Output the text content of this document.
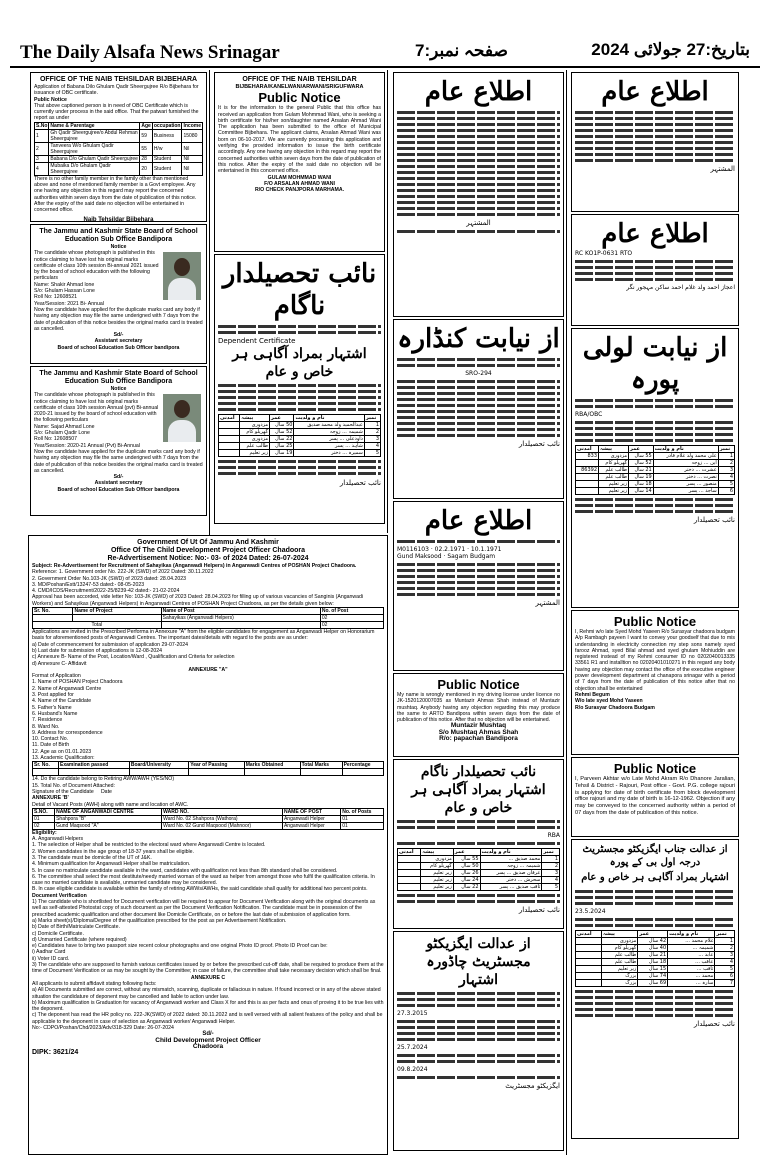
The Daily Alsafa News Srinagar	صفحہ نمبر:7	بتاریخ:27 جولائی 2024
OFFICE OF THE NAIB TEHSILDAR BIJBEHARA

Application of Babana Dilo Ghulam Qadir Sheergujree R/o Bijbehara for issuance of OBC certificate.

Public Notice

That above captioned person is in need of OBC Certificate which is currently under process in the said office. That the patwari furnished the report as under

S.No	Name & Parentage	Age	occupation	Income
1	Gh Qadir Sheergujree/o Abdul Rehman Sheergujree	59	Business	15080
2	Tanveera W/o Ghulam Qadir Sheergujree	55	H/w	Nil
3	Babana D/o Ghulam Qadir Sheergujree	28	Student	Nil
4	Mubaika D/o Ghulam Qadir Sheergujree	20	Student	Nil

There is no other family member in the family other than mentioned above and none of mentioned family member is a Govt employee. Any one having any objection in this regard may report the concerned authorities within seven days from the date of publication of this notice. After the expiry of the said date no objection will be entertained in concerned office.

Naib Tehsildar Bijbehara

The Jammu and Kashmir State Board of School Education Sub Office Bandipora
Notice

The candidate whose photograph is published in this notice claiming to have lost his original marks certificate of class 10th session Bi-annual 2021 issued by the board of school education with the following perticulars

Name: Shakir Ahmad lone

S/o: Ghulam Hassan Lone

Roll No: 12608521

Year/Session: 2021 Bi- Annual

Now the candidate have applied for the duplicate marks card any body if having any objection may file the same underigned with 7 days from the date of publication of this notice besides the original marks card is treated as cancelled.

Sd/-

Assistant secretary

Board of school Education Sub Officer bandipora

The Jammu and Kashmir State Board of School Education Sub Office Bandipora
Notice

The candidate whose photograph is published in this notice claiming to have lost his original marks certificate of class 10th session Annual (pvt) Bi-annual 2020-21 issued by the board of school education with the following perticulars

Name: Sajad Ahmad Lone

S/o: Ghulam Qadir Lone

Roll No: 12608507

Year/Session: 2020-21 Annual (Pvt) Bi-Annual

Now the candidate have applied for the duplicate marks card any body if having any objection may file the same underigned with 7 days from the date of publication of this notice besides the original marks card is treated as cancelled.

Sd/-

Assistant secretary

Board of school Education Sub Officer bandipora

OFFICE OF THE NAIB TEHSILDAR
BIJBEHARA/KANELWAN/ARWANI/SRIGUFWARA
Public Notice

It is for the information to the general Public that this office has received an application from Gulam Mohmmad Wani, who is seeking a birth certificate for his/her son/daughter named Arsalan Ahmad Wani The application has been submitted to the office of Municipal Committee Bijbehara. The applicant claims, Arsalan Ahmad Wani was born on 06-10-2017. We are currently processing this application and verifying the provided information to issue the birth certificate accordingly. Any one having any objection in this regard may report the concerned authorities within seven days from the date of publication of this notice. After the expiry of the said date no objection will be entertained in this concerned office.

GULAM MOHMMAD WANI

F/O ARSALAN AHMAD WANI

R/O CHECK PANJPORA MARHAMA.

نائب تحصیلدار ناگام
Dependent Certificate
اشتہار بمراد آگاہی ہر خاص و عام
نمبر	نام و ولدیت	عمر	پیشہ	آمدنی
1	عبدالحمید ولد محمد صدیق	50 سال	مزدوری	
2	شمیمہ ... زوجہ	52 سال	گھریلو کام	
3	داودعلی ... پسر	22 سال	مزدوری	
4	شاہد ... پسر	25 سال	طالب علم	
5	سمیرہ ... دختر	19 سال	زیر تعلیم	
نائب تحصیلدار
Government Of Ut Of Jammu And Kashmir
Office Of The Child Development Project Officer Chadoora
Re-Advertisement Notice: No:- 03- of 2024 Dated: 26-07-2024

Subject: Re-Advertisement for Recruitment of Sahayikas (Anganwadi Helpers) in Anganwadi Centres of POSHAN Project Chadoora.

Reference: 1. Government order No. 222-JK (SWD) of 2022 Dated: 30.11.2022

2. Government Order No.103-JK (SWD) of 2023 dated: 28.04.2023

3. MD/Poshan/Estt/13247-53 dated:- 08-05-2023

4. CMD/ICDS/Recruitment/2022-25/8239-42 dated:- 21-02-2024

Approval has been accorded, vide letter No: 103-JK (SWD) of 2023 Dated: 28.04.2023 for filling up of various vacancies of Sanginis (Anganwadi Workers) and Sahayikas (Anganwadi Helpers) in Anganwadi Centres of POSHAN Project Chadoora, as per the details given below:

Sr. No.	Name of Project	Name of Post	No. of Post
		Sahayikas (Anganwadi Helpers)	02
Total			02

Applications are invited in the Prescribed Performa in Annexure "A" from the eligible candidates for engagement as Anganwadi Helper on Honorarium basis for aforementioned posts of Anganwadi Centres. The important dates/details with regard to the posts are as under:

a) Date of commencement for submission of application 29-07-2024

b) Last date for submission of applications is 12-08-2024

c) Annexure B- Name of the Post, Location/Ward , Qualification and Criteria for selection

d) Annexure C- Affidavit

ANNEXURE "A"

Format of Application

1. Name of POSHAN Project Chadoora

2. Name of Anganwadi Centre

3. Post applied for

4. Name of the Candidate

5. Father's Name

6. Husband's Name

7. Residence

8. Ward No.

9. Address for correspondence

10. Contact No.

11. Date of Birth

12. Age as on 01.01.2023

13. Academic Qualification:

Sr. No.	Examination passed	Board/University	Year of Passing	Marks Obtained	Total Marks	Percentage

14. Do the candidate belong to Retiring AWW/AWH (YES/NO)

15. Total No. of Document Attached:

Signature of the Candidate Date

ANNEXURE 'B'

Detail of Vacant Posts (AWH) along with name and location of AWC.

S.NO.	NAME OF ANGANWADI CENTRE	WARD NO.	NAME OF POST	No. of Posts
01	Shahpora "B"	Ward No. 02 Shahpora (Wathora)	Anganwadi Helper	01
02	Gund Maqsood "A"	Ward No. 02 Gund Maqsood (Mahnoor)	Anganwadi Helper	01

Eligibility:

A. Anganwadi Helpers

1. The selection of Helper shall be restricted to the electoral ward where Anganwadi Centre is located.

2. Women candidates in the age group of 18-37 years shall be eligible.

3. The candidate must be domicile of the UT of J&K.

4. Minimum qualification for Anganwadi Helper shall be matriculation.

5. In case no matriculate candidate available in the ward, candidates with qualification not less than 8th standard shall be considered.

6. The committee shall select the most destitute/needy married woman of the ward as helper from amongst those who fulfil the qualification criteria. In case no married candidate is available, unmarried candidate may be considered.

B. In case eligible candidate is available within the family of retiring AWWs/AWHs, the said candidate shall qualify for additional two percent points.

Document Verification

1) The candidate who is shortlisted for Document verification will be required to appear for Document Verification along with the original documents as well as self-attested Photostat copy of such document as per the Document Verification Notification. The candidate must be in possession of the prescribed academic qualification and other document like Domicile Certificate, on or before the last date of submission of application form.

a) Marks sheet(s)/Diploma/Degree of the qualification prescribed for the post as per Advertisement Notification.

b) Date of Birth/Matriculate Certificate.

c) Domicile Certificate.

d) Unmarried Certificate (where required)

e) Candidates have to bring two passport size recent colour photographs and one original Photo ID proof. Photo ID Proof can be:

i) Aadhar Card

ii) Voter ID card.

3) The candidate who are supposed to furnish various certificates issued by or before the prescribed cut-off date, shall be required to produce them at the time of Document Verification or as may be sought by the Committee; in case of failure, the committee shall take necessary decision which shall be final.

ANNEXURE C

All applicants to submit affidavit stating following facts:

a) All Documents submitted are correct, without any mismatch, scanning, duplicate or fallacious in nature. If found incorrect or in any of the above stated situation the candidature of deponent may be cancelled and liable to action under law.

b) Maximum qualification is Graduation for vacancy of Anganwadi worker and Class X for and this is as per facts and onus of proving it to be true lies with the deponent.

c) The deponent has read the HR policy no. 222-JK(SWD) of 2022 dated: 30.11.2022 and is well versed with all salient features of the policy and shall be applicable to the deponent in case of selection as Anganwadi worker/ Anganwadi Helper.

No:- CDPO/Poshan/Chd/2023/Adv/318-329 Date: 26-07-2024

Sd/-

Child Development Project Officer

Chadoora

DIPK: 3621/24

اطلاع عام
المشتہر
از نیابت کنڈارہ
SRO-294
نائب تحصیلدار
اطلاع عام
M0116103 · 02.2.1971 · 10.1.1971
Gund Maksood · Sagam Budgam
المشتہر
Public Notice

My name is wrongly mentioned in my driving license under licence no JK-1520120007035 as Muntazir Ahmas Shah instead of Muntazir mushtaq. Anybody having any objection regarding this may produce the same to ARTO Bandipora within seven days from the date of publication of this notice. After that no objection will be entertained.

Muntazir Mushtaq

S/o Mushtaq Ahmas Shah

R/o: papachan Bandipora

نائب تحصیلدار ناگام
اشتہار بمراد آگاہی ہر خاص و عام
RBA
نمبر	نام و ولدیت	عمر	پیشہ	آمدنی
1	محمد صدیق ...	55 سال	مزدوری	
2	شمیمہ ... زوجہ	50 سال	گھریلو کام	
3	عرفان صدیق ... پسر	26 سال	زیر تعلیم	
4	سحرش ... دختر	24 سال	زیر تعلیم	
5	ثاقب صدیق ... پسر	22 سال	زیر تعلیم	
نائب تحصیلدار
از عدالت ایگزیکٹو مجسٹریٹ چاڈورہ
اشتہار
27.3.2015
25.7.2024
09.8.2024
ایگزیکٹو مجسٹریٹ
اطلاع عام
المشتہر
اطلاع عام
RC KO1P-0631 RTO
اعجاز احمد ولد غلام احمد ساکن مہجور نگر
از نیابت لولی پورہ
RBA/OBC
نمبر	نام و ولدیت	عمر	پیشہ	آمدنی
1	علی محمد ولد غلام قادر	55 سال	مزدوری	833
2	ایں ... زوجہ	52 سال	گھریلو کام	
3	عشرت ... دختر	21 سال	طالب علم	86392
4	نصرت ... دختر	19 سال	طالب علم	
5	منصور ... پسر	18 سال	زیر تعلیم	
6	ساجد ... پسر	14 سال	زیر تعلیم	
نائب تحصیلدار
Public Notice

I, Rehmi w/o late Syed Mohd Yaseen R/o Surasyar chadoora budgam A/p Rambagh payeen I want to convey your goodself that due to mis understanding in electricity connection my step sons namely syed farooz Ahmad, syed Bilal ahmad and syed ghulam Mohiuddin are registered instead of my Rehmi consumer ID no 0202040013335 33561 R1 and installtion no 02020401010271 in this regard any body having any objection may contact the office of the executive engineer power development department at chanapora srinagar with a period of 7 days from the date of publication of this notice after that no objection shall be entertained

Rehmi Begum

W/o late syed Mohd Yaseen

R/o Surasyar Chadoora Budgam

Public Notice

I, Parveen Akhtar w/o Late Mohd Akram R/o Dhanore Jaralian, Tehsil & District - Rajouri, Post office - Govt. P.G. college rajouri is applying for date of birth certificate from block development office rajouri and my date of birth is 16-12-1962. Objection if any may be conveyed to the concerned authority within a period of 07 days from the date of publication of this notice.

از عدالت جناب ایگزیکٹو مجسٹریٹ درجہ اول بی کے پورہ
اشتہار بمراد آگاہی ہر خاص و عام
23.5.2024
نمبر	نام و ولدیت	عمر	پیشہ	آمدنی
1	غلام محمد ...	42 سال	مزدوری	
2	شمیمہ ...	40 سال	گھریلو کام	
3	عابد ...	21 سال	طالب علم	
4	عاقب ...	18 سال	طالب علم	
5	ثاقب ...	15 سال	زیر تعلیم	
6	محمد ...	74 سال	بزرگ	
7	سارہ ...	69 سال	بزرگ	
نائب تحصیلدار
